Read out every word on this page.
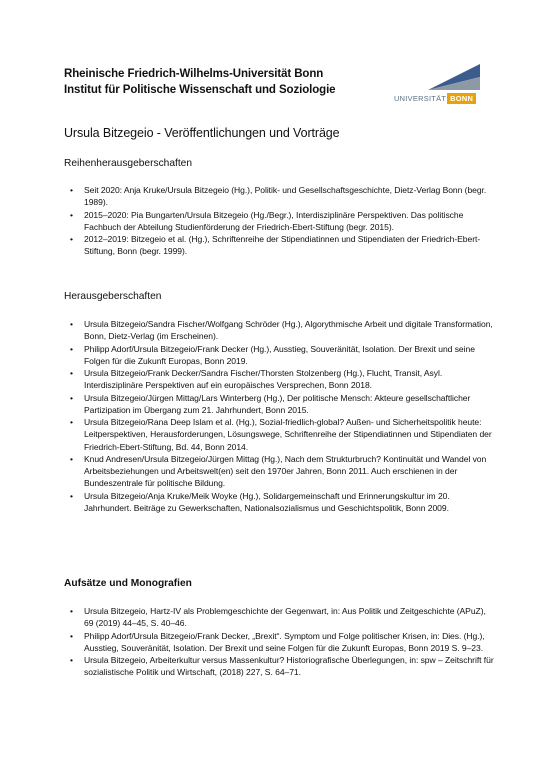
Rheinische Friedrich-Wilhelms-Universität Bonn
Institut für Politische Wissenschaft und Soziologie
UNIVERSITÄT BONN
Ursula Bitzegeio - Veröffentlichungen und Vorträge
Reihenherausgeberschaften
• Seit 2020: Anja Kruke/Ursula Bitzegeio (Hg.), Politik- und Gesellschaftsgeschichte, Dietz-Verlag Bonn (begr. 1989).
• 2015–2020: Pia Bungarten/Ursula Bitzegeio (Hg./Begr.), Interdisziplinäre Perspektiven. Das politische Fachbuch der Abteilung Studienförderung der Friedrich-Ebert-Stiftung (begr. 2015).
• 2012–2019: Bitzegeio et al. (Hg.), Schriftenreihe der Stipendiatinnen und Stipendiaten der Friedrich-Ebert-Stiftung, Bonn (begr. 1999).
Herausgeberschaften
• Ursula Bitzegeio/Sandra Fischer/Wolfgang Schröder (Hg.), Algorythmische Arbeit und digitale Transformation, Bonn, Dietz-Verlag (im Erscheinen).
• Philipp Adorf/Ursula Bitzegeio/Frank Decker (Hg.), Ausstieg, Souveränität, Isolation. Der Brexit und seine Folgen für die Zukunft Europas, Bonn 2019.
• Ursula Bitzegeio/Frank Decker/Sandra Fischer/Thorsten Stolzenberg (Hg.), Flucht, Transit, Asyl. Interdisziplinäre Perspektiven auf ein europäisches Versprechen, Bonn 2018.
• Ursula Bitzegeio/Jürgen Mittag/Lars Winterberg (Hg.), Der politische Mensch: Akteure gesellschaftlicher Partizipation im Übergang zum 21. Jahrhundert, Bonn 2015.
• Ursula Bitzegeio/Rana Deep Islam et al. (Hg.), Sozial-friedlich-global? Außen- und Sicherheitspolitik heute: Leitperspektiven, Herausforderungen, Lösungswege, Schriftenreihe der Stipendiatinnen und Stipendiaten der Friedrich-Ebert-Stiftung, Bd. 44, Bonn 2014.
• Knud Andresen/Ursula Bitzegeio/Jürgen Mittag (Hg.), Nach dem Strukturbruch? Kontinuität und Wandel von Arbeitsbeziehungen und Arbeitswelt(en) seit den 1970er Jahren, Bonn 2011. Auch erschienen in der Bundeszentrale für politische Bildung.
• Ursula Bitzegeio/Anja Kruke/Meik Woyke (Hg.), Solidargemeinschaft und Erinnerungskultur im 20. Jahrhundert. Beiträge zu Gewerkschaften, Nationalsozialismus und Geschichtspolitik, Bonn 2009.
Aufsätze und Monografien
• Ursula Bitzegeio, Hartz-IV als Problemgeschichte der Gegenwart, in: Aus Politik und Zeitgeschichte (APuZ), 69 (2019) 44–45, S. 40–46.
• Philipp Adorf/Ursula Bitzegeio/Frank Decker, „Brexit“. Symptom und Folge politischer Krisen, in: Dies. (Hg.), Ausstieg, Souveränität, Isolation. Der Brexit und seine Folgen für die Zukunft Europas, Bonn 2019 S. 9–23.
• Ursula Bitzegeio, Arbeiterkultur versus Massenkultur? Historiografische Überlegungen, in: spw – Zeitschrift für sozialistische Politik und Wirtschaft, (2018) 227, S. 64–71.
